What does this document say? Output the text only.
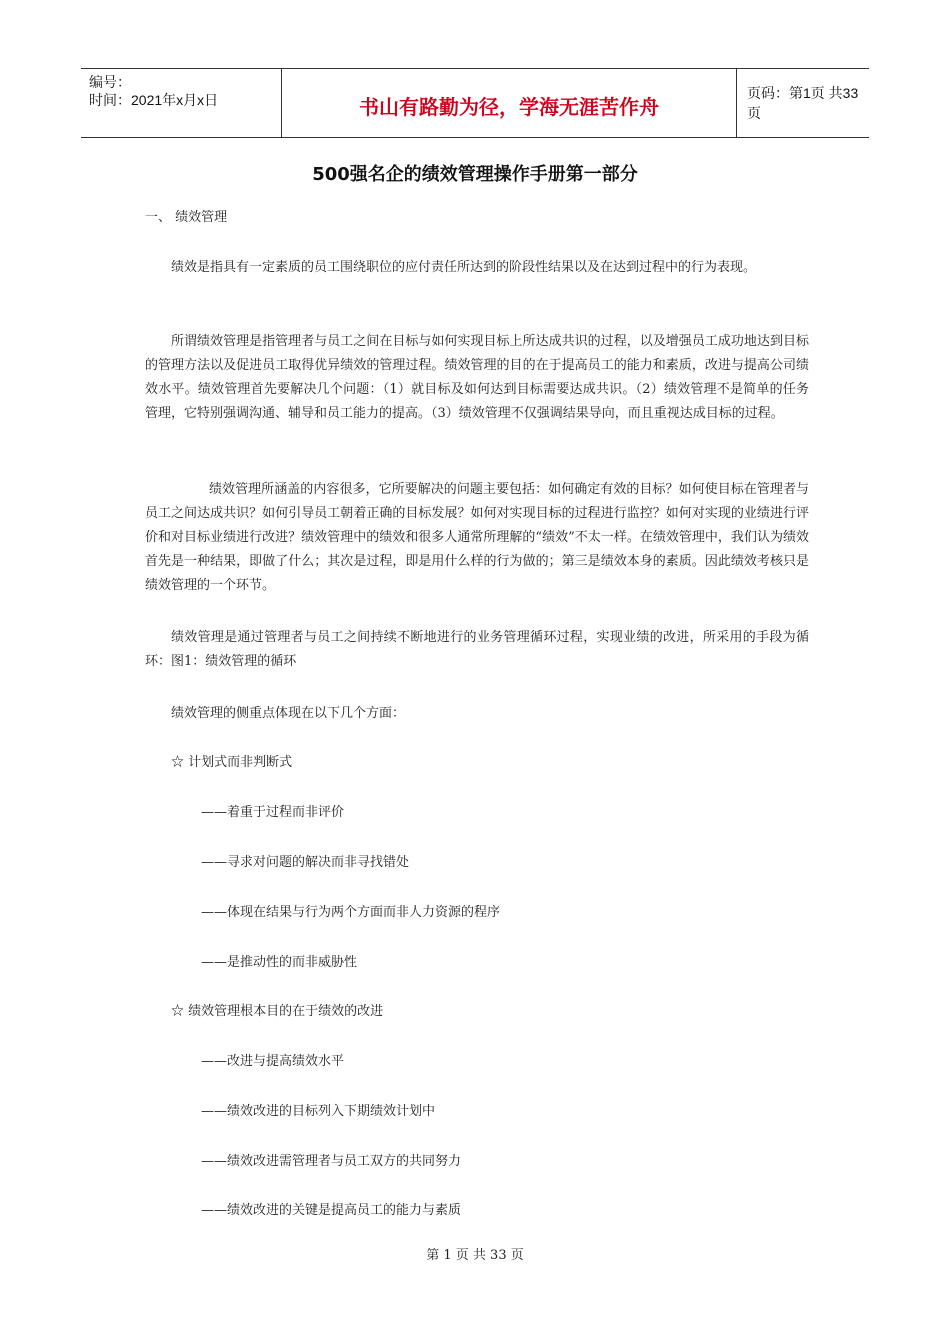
编号：
时间：2021年x月x日	书山有路勤为径，学海无涯苦作舟
页码：第1页 共33页
500强名企的绩效管理操作手册第一部分
一、 绩效管理
绩效是指具有一定素质的员工围绕职位的应付责任所达到的阶段性结果以及在达到过程中的行为表现。
所谓绩效管理是指管理者与员工之间在目标与如何实现目标上所达成共识的过程，以及增强员工成功地达到目标的管理方法以及促进员工取得优异绩效的管理过程。绩效管理的目的在于提高员工的能力和素质，改进与提高公司绩效水平。绩效管理首先要解决几个问题：（1）就目标及如何达到目标需要达成共识。（2）绩效管理不是简单的任务管理，它特别强调沟通、辅导和员工能力的提高。（3）绩效管理不仅强调结果导向，而且重视达成目标的过程。
绩效管理所涵盖的内容很多，它所要解决的问题主要包括：如何确定有效的目标？如何使目标在管理者与员工之间达成共识？如何引导员工朝着正确的目标发展？如何对实现目标的过程进行监控？如何对实现的业绩进行评价和对目标业绩进行改进？绩效管理中的绩效和很多人通常所理解的“绩效”不太一样。在绩效管理中，我们认为绩效首先是一种结果，即做了什么；其次是过程，即是用什么样的行为做的；第三是绩效本身的素质。因此绩效考核只是绩效管理的一个环节。
绩效管理是通过管理者与员工之间持续不断地进行的业务管理循环过程，实现业绩的改进，所采用的手段为循环：图1：绩效管理的循环
绩效管理的侧重点体现在以下几个方面：
☆ 计划式而非判断式
——着重于过程而非评价
——寻求对问题的解决而非寻找错处
——体现在结果与行为两个方面而非人力资源的程序
——是推动性的而非威胁性
☆ 绩效管理根本目的在于绩效的改进
——改进与提高绩效水平
——绩效改进的目标列入下期绩效计划中
——绩效改进需管理者与员工双方的共同努力
——绩效改进的关键是提高员工的能力与素质
第 1 页 共 33 页
